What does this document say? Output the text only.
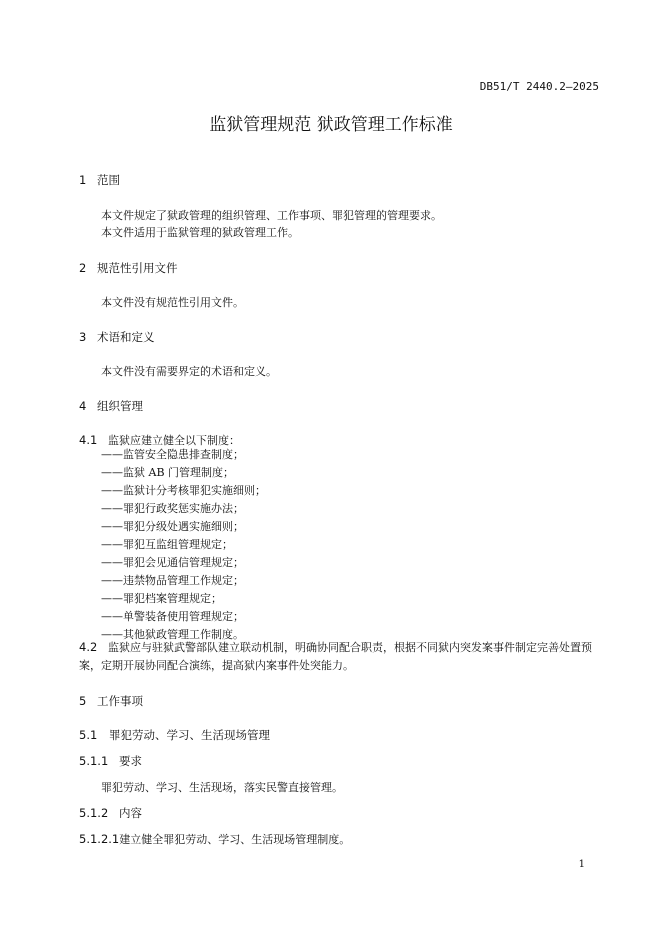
DB51/T 2440.2—2025
监狱管理规范 狱政管理工作标准
1 范围
本文件规定了狱政管理的组织管理、工作事项、罪犯管理的管理要求。
本文件适用于监狱管理的狱政管理工作。
2 规范性引用文件
本文件没有规范性引用文件。
3 术语和定义
本文件没有需要界定的术语和定义。
4 组织管理
4.1 监狱应建立健全以下制度：
——监管安全隐患排查制度；
——监狱 AB 门管理制度；
——监狱计分考核罪犯实施细则；
——罪犯行政奖惩实施办法；
——罪犯分级处遇实施细则；
——罪犯互监组管理规定；
——罪犯会见通信管理规定；
——违禁物品管理工作规定；
——罪犯档案管理规定；
——单警装备使用管理规定；
——其他狱政管理工作制度。
4.2 监狱应与驻狱武警部队建立联动机制，明确协同配合职责，根据不同狱内突发案事件制定完善处置预案，定期开展协同配合演练，提高狱内案事件处突能力。
5 工作事项
5.1 罪犯劳动、学习、生活现场管理
5.1.1 要求
罪犯劳动、学习、生活现场，落实民警直接管理。
5.1.2 内容
5.1.2.1建立健全罪犯劳动、学习、生活现场管理制度。
1
